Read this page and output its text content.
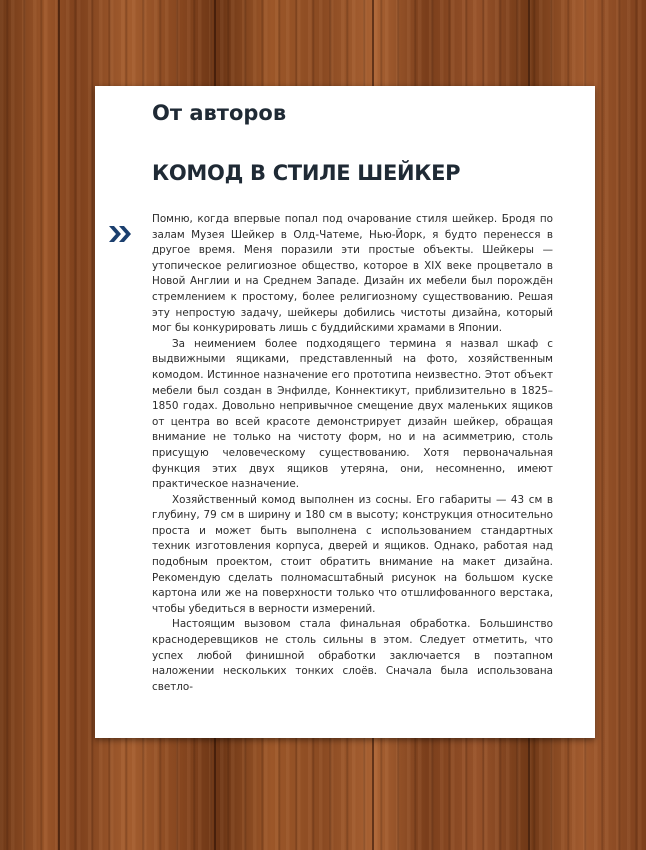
От авторов
КОМОД В СТИЛЕ ШЕЙКЕР

Помню, когда впервые попал под очарование стиля шейкер. Бродя по залам Музея Шейкер в Олд-Чатеме, Нью-Йорк, я будто перенесся в другое время. Меня поразили эти простые объекты. Шейкеры — утопическое религиозное общество, которое в XIX веке процветало в Новой Англии и на Среднем Западе. Дизайн их мебели был порождён стремлением к простому, более религиозному существованию. Решая эту непростую задачу, шейкеры добились чистоты дизайна, который мог бы конкурировать лишь с буддийскими храмами в Японии.

За неимением более подходящего термина я назвал шкаф с выдвижными ящиками, представленный на фото, хозяйственным комодом. Истинное назначение его прототипа неизвестно. Этот объект мебели был создан в Энфилде, Коннектикут, приблизительно в 1825–1850 годах. Довольно непривычное смещение двух маленьких ящиков от центра во всей красоте демонстрирует дизайн шейкер, обращая внимание не только на чистоту форм, но и на асимметрию, столь присущую человеческому существованию. Хотя первоначальная функция этих двух ящиков утеряна, они, несомненно, имеют практическое назначение.

Хозяйственный комод выполнен из сосны. Его габариты — 43 см в глубину, 79 см в ширину и 180 см в высоту; конструкция относительно проста и может быть выполнена с использованием стандартных техник изготовления корпуса, дверей и ящиков. Однако, работая над подобным проектом, стоит обратить внимание на макет дизайна. Рекомендую сделать полномасштабный рисунок на большом куске картона или же на поверхности только что отшлифованного верстака, чтобы убедиться в верности измерений.

Настоящим вызовом стала финальная обработка. Большинство краснодеревщиков не столь сильны в этом. Следует отметить, что успех любой финишной обработки заключается в поэтапном наложении нескольких тонких слоёв. Сначала была использована светло-
